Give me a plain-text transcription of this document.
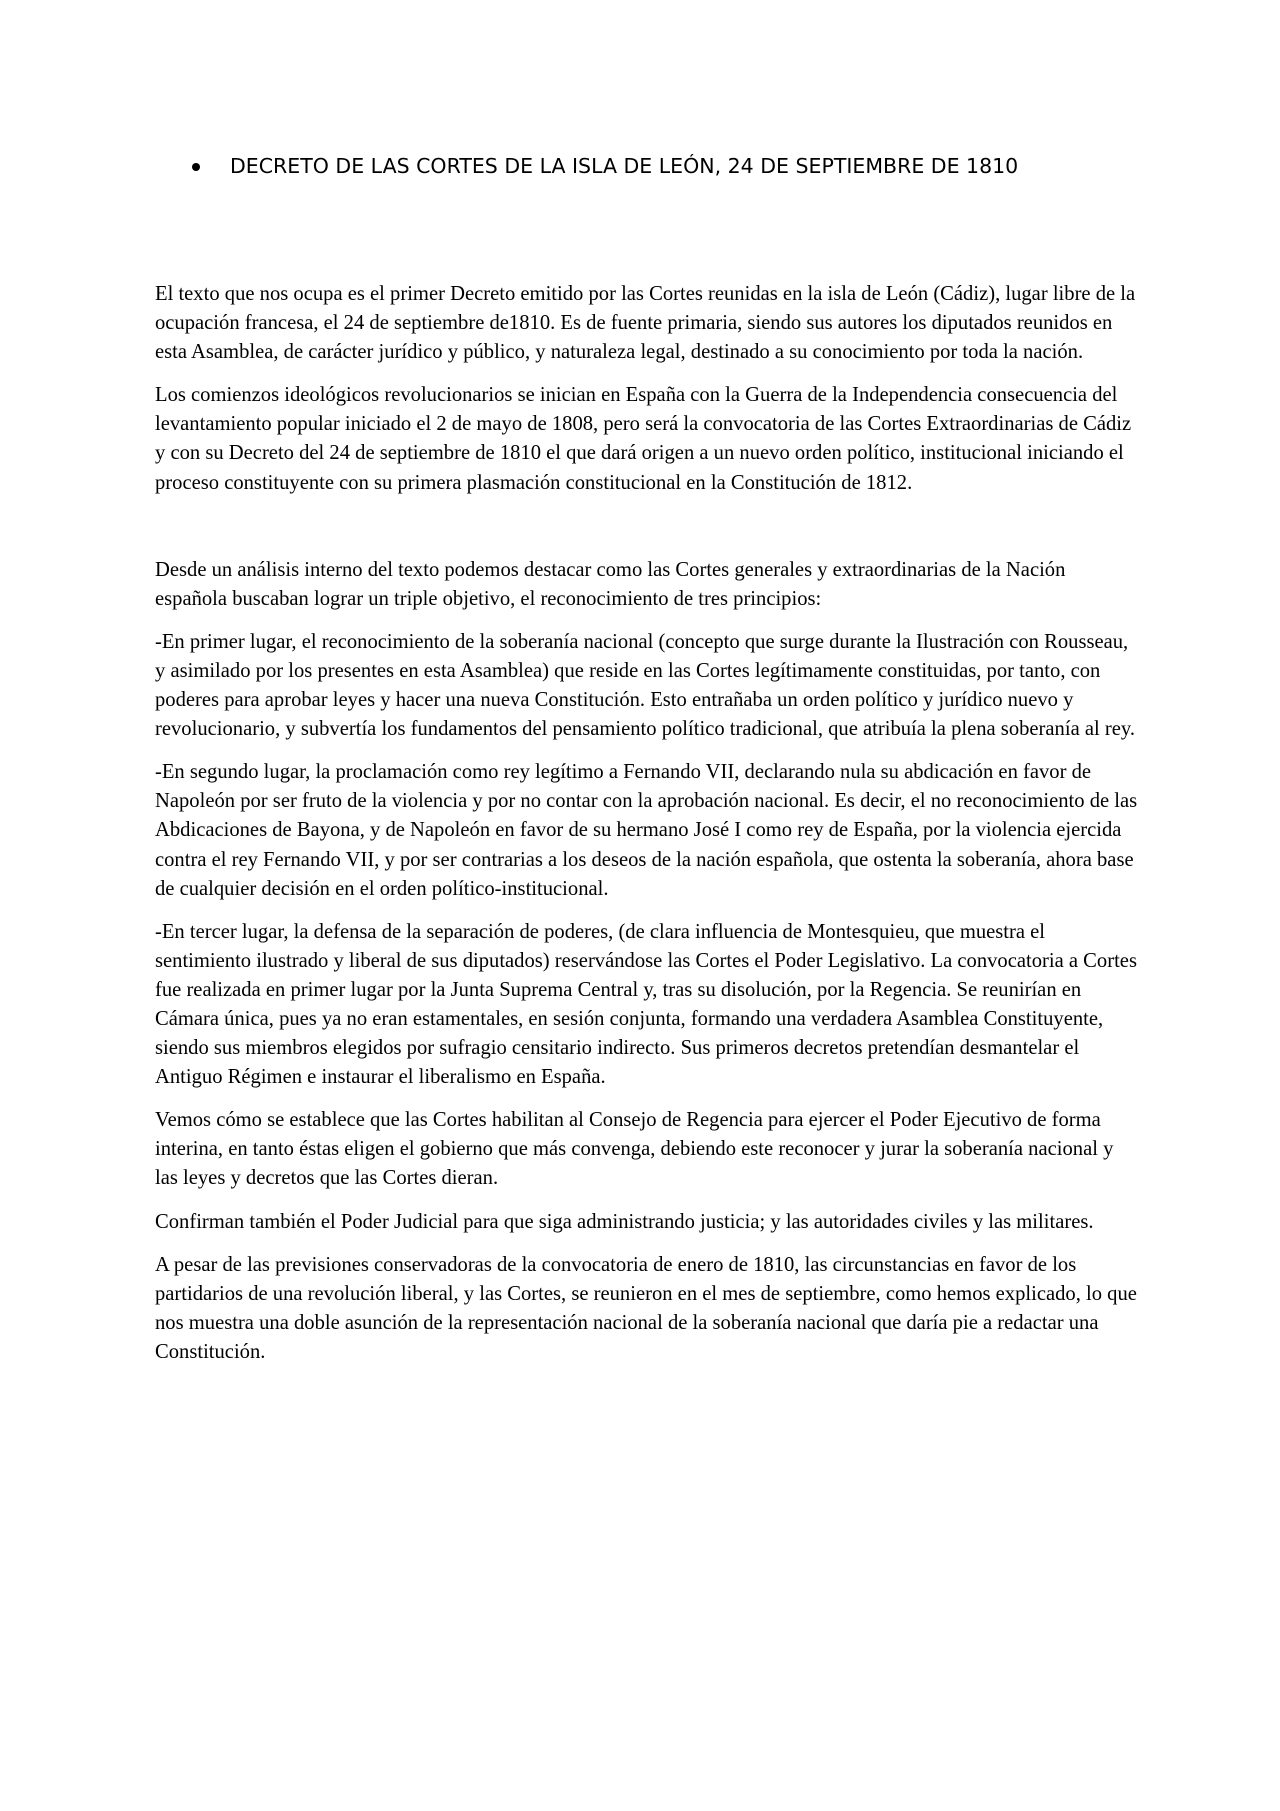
DECRETO DE LAS CORTES DE LA ISLA DE LEÓN, 24 DE SEPTIEMBRE DE 1810

El texto que nos ocupa es el primer Decreto emitido por las Cortes reunidas en la isla de León (Cádiz), lugar libre de la ocupación francesa, el 24 de septiembre de1810. Es de fuente primaria, siendo sus autores los diputados reunidos en esta Asamblea, de carácter jurídico y público, y naturaleza legal, destinado a su conocimiento por toda la nación.

Los comienzos ideológicos revolucionarios se inician en España con la Guerra de la Independencia consecuencia del levantamiento popular iniciado el 2 de mayo de 1808, pero será la convocatoria de las Cortes Extraordinarias de Cádiz y con su Decreto del 24 de septiembre de 1810 el que dará origen a un nuevo orden político, institucional iniciando el proceso constituyente con su primera plasmación constitucional en la Constitución de 1812.

Desde un análisis interno del texto podemos destacar como las Cortes generales y extraordinarias de la Nación española buscaban lograr un triple objetivo, el reconocimiento de tres principios:

-En primer lugar, el reconocimiento de la soberanía nacional (concepto que surge durante la Ilustración con Rousseau, y asimilado por los presentes en esta Asamblea) que reside en las Cortes legítimamente constituidas, por tanto, con poderes para aprobar leyes y hacer una nueva Constitución. Esto entrañaba un orden político y jurídico nuevo y revolucionario, y subvertía los fundamentos del pensamiento político tradicional, que atribuía la plena soberanía al rey.

-En segundo lugar, la proclamación como rey legítimo a Fernando VII, declarando nula su abdicación en favor de Napoleón por ser fruto de la violencia y por no contar con la aprobación nacional. Es decir, el no reconocimiento de las Abdicaciones de Bayona, y de Napoleón en favor de su hermano José I como rey de España, por la violencia ejercida contra el rey Fernando VII, y por ser contrarias a los deseos de la nación española, que ostenta la soberanía, ahora base de cualquier decisión en el orden político-institucional.

-En tercer lugar, la defensa de la separación de poderes, (de clara influencia de Montesquieu, que muestra el sentimiento ilustrado y liberal de sus diputados) reservándose las Cortes el Poder Legislativo. La convocatoria a Cortes fue realizada en primer lugar por la Junta Suprema Central y, tras su disolución, por la Regencia. Se reunirían en Cámara única, pues ya no eran estamentales, en sesión conjunta, formando una verdadera Asamblea Constituyente, siendo sus miembros elegidos por sufragio censitario indirecto. Sus primeros decretos pretendían desmantelar el Antiguo Régimen e instaurar el liberalismo en España.

Vemos cómo se establece que las Cortes habilitan al Consejo de Regencia para ejercer el Poder Ejecutivo de forma interina, en tanto éstas eligen el gobierno que más convenga, debiendo este reconocer y jurar la soberanía nacional y las leyes y decretos que las Cortes dieran.

Confirman también el Poder Judicial para que siga administrando justicia; y las autoridades civiles y las militares.

A pesar de las previsiones conservadoras de la convocatoria de enero de 1810, las circunstancias en favor de los partidarios de una revolución liberal, y las Cortes, se reunieron en el mes de septiembre, como hemos explicado, lo que nos muestra una doble asunción de la representación nacional de la soberanía nacional que daría pie a redactar una Constitución.
